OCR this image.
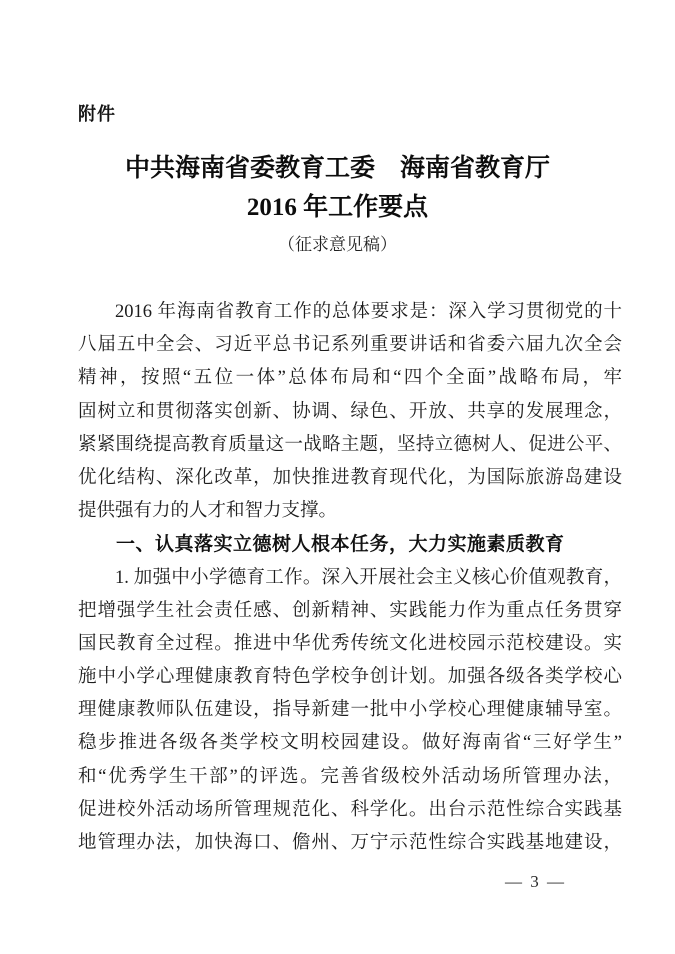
附件
中共海南省委教育工委　海南省教育厅
2016 年工作要点
（征求意见稿）
2016 年海南省教育工作的总体要求是：深入学习贯彻党的十
八届五中全会、习近平总书记系列重要讲话和省委六届九次全会
精神，按照“五位一体”总体布局和“四个全面”战略布局，牢
固树立和贯彻落实创新、协调、绿色、开放、共享的发展理念，
紧紧围绕提高教育质量这一战略主题，坚持立德树人、促进公平、
优化结构、深化改革，加快推进教育现代化，为国际旅游岛建设
提供强有力的人才和智力支撑。
一、认真落实立德树人根本任务，大力实施素质教育
1. 加强中小学德育工作。深入开展社会主义核心价值观教育，
把增强学生社会责任感、创新精神、实践能力作为重点任务贯穿
国民教育全过程。推进中华优秀传统文化进校园示范校建设。实
施中小学心理健康教育特色学校争创计划。加强各级各类学校心
理健康教师队伍建设，指导新建一批中小学校心理健康辅导室。
稳步推进各级各类学校文明校园建设。做好海南省“三好学生”
和“优秀学生干部”的评选。完善省级校外活动场所管理办法，
促进校外活动场所管理规范化、科学化。出台示范性综合实践基
地管理办法，加快海口、儋州、万宁示范性综合实践基地建设，
— 3 —
